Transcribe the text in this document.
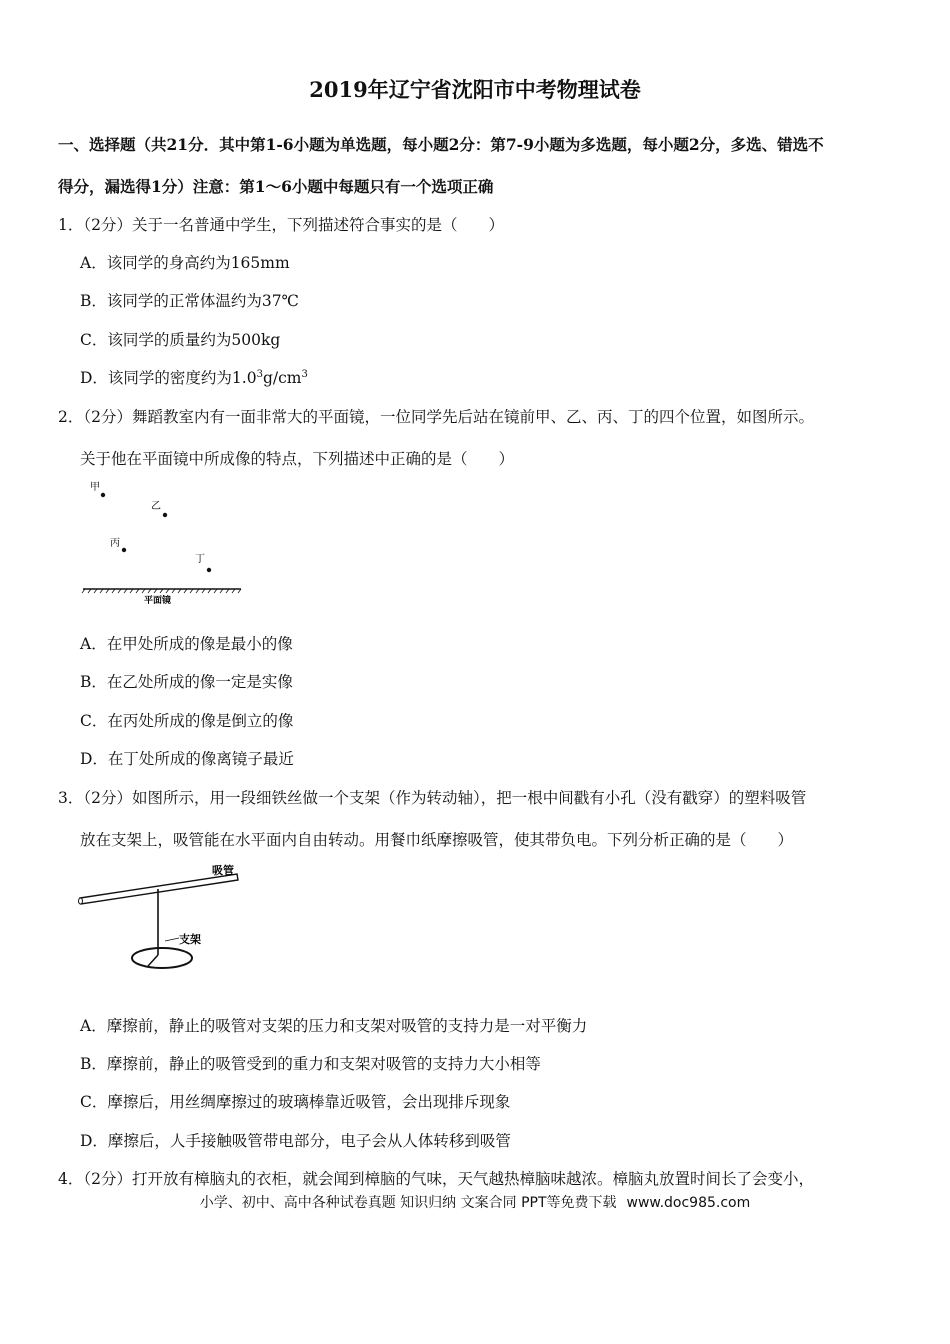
2019年辽宁省沈阳市中考物理试卷
一、选择题（共21分．其中第1-6小题为单选题，每小题2分：第7-9小题为多选题，每小题2分，多选、错选不
得分，漏选得1分）注意：第1～6小题中每题只有一个选项正确
1．（2分）关于一名普通中学生，下列描述符合事实的是（　　）
A．该同学的身高约为165mm
B．该同学的正常体温约为37℃
C．该同学的质量约为500kg
D．该同学的密度约为$1.0^3g/cm^3$
2．（2分）舞蹈教室内有一面非常大的平面镜，一位同学先后站在镜前甲、乙、丙、丁的四个位置，如图所示。
关于他在平面镜中所成像的特点，下列描述中正确的是（　　）
甲
乙
丙
丁
平面镜
A．在甲处所成的像是最小的像
B．在乙处所成的像一定是实像
C．在丙处所成的像是倒立的像
D．在丁处所成的像离镜子最近
3．（2分）如图所示，用一段细铁丝做一个支架（作为转动轴），把一根中间戳有小孔（没有戳穿）的塑料吸管
放在支架上，吸管能在水平面内自由转动。用餐巾纸摩擦吸管，使其带负电。下列分析正确的是（　　）
吸管
支架
A．摩擦前，静止的吸管对支架的压力和支架对吸管的支持力是一对平衡力
B．摩擦前，静止的吸管受到的重力和支架对吸管的支持力大小相等
C．摩擦后，用丝绸摩擦过的玻璃棒靠近吸管，会出现排斥现象
D．摩擦后，人手接触吸管带电部分，电子会从人体转移到吸管
4．（2分）打开放有樟脑丸的衣柜，就会闻到樟脑的气味，天气越热樟脑味越浓。樟脑丸放置时间长了会变小，
小学、初中、高中各种试卷真题 知识归纳 文案合同 PPT等免费下载 www.doc985.com
